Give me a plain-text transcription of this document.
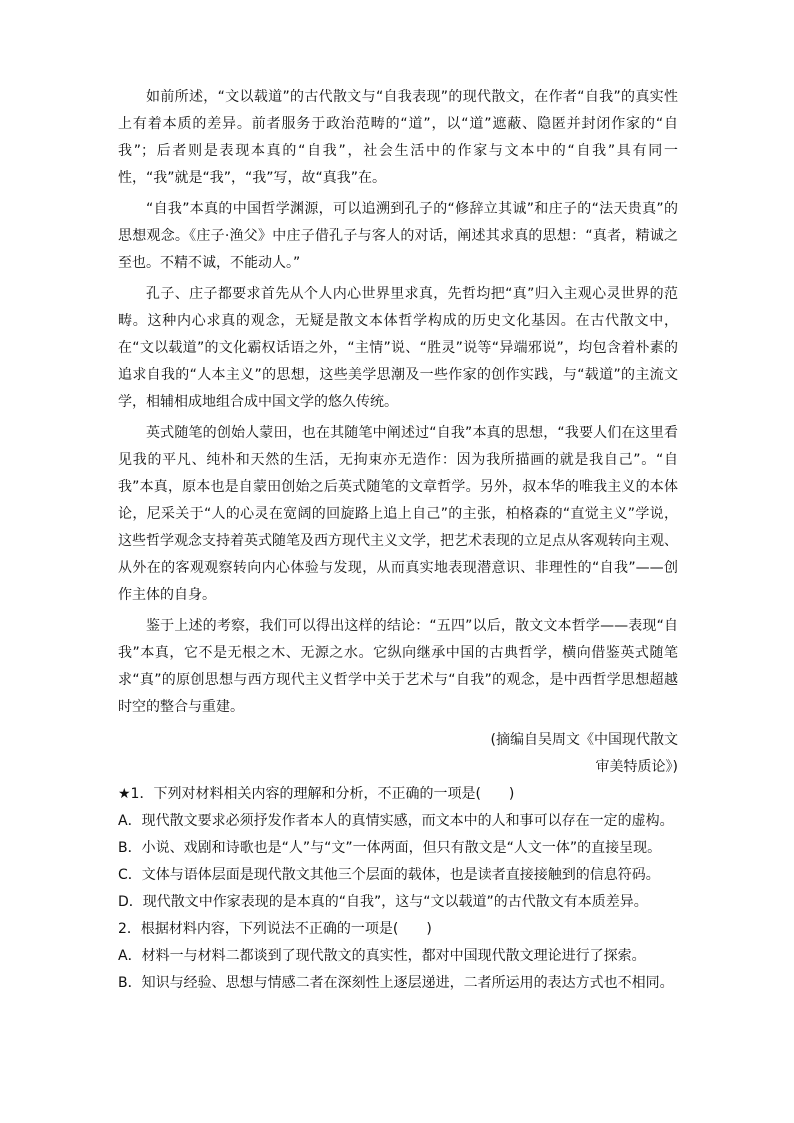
如前所述，“文以载道”的古代散文与“自我表现”的现代散文，在作者“自我”的真实性上有着本质的差异。前者服务于政治范畴的“道”，以“道”遮蔽、隐匿并封闭作家的“自我”；后者则是表现本真的“自我”，社会生活中的作家与文本中的“自我”具有同一性，“我”就是“我”，“我”写，故“真我”在。

“自我”本真的中国哲学渊源，可以追溯到孔子的“修辞立其诚”和庄子的“法天贵真”的思想观念。《庄子·渔父》中庄子借孔子与客人的对话，阐述其求真的思想：“真者，精诚之至也。不精不诚，不能动人。”

孔子、庄子都要求首先从个人内心世界里求真，先哲均把“真”归入主观心灵世界的范畴。这种内心求真的观念，无疑是散文本体哲学构成的历史文化基因。在古代散文中，在“文以载道”的文化霸权话语之外，“主情”说、“胜灵”说等“异端邪说”，均包含着朴素的追求自我的“人本主义”的思想，这些美学思潮及一些作家的创作实践，与“载道”的主流文学，相辅相成地组合成中国文学的悠久传统。

英式随笔的创始人蒙田，也在其随笔中阐述过“自我”本真的思想，“我要人们在这里看见我的平凡、纯朴和天然的生活，无拘束亦无造作：因为我所描画的就是我自己”。“自我”本真，原本也是自蒙田创始之后英式随笔的文章哲学。另外，叔本华的唯我主义的本体论，尼采关于“人的心灵在宽阔的回旋路上追上自己”的主张，柏格森的“直觉主义”学说，这些哲学观念支持着英式随笔及西方现代主义文学，把艺术表现的立足点从客观转向主观、从外在的客观观察转向内心体验与发现，从而真实地表现潜意识、非理性的“自我”——创作主体的自身。

鉴于上述的考察，我们可以得出这样的结论：“五四”以后，散文文本哲学——表现“自我”本真，它不是无根之木、无源之水。它纵向继承中国的古典哲学，横向借鉴英式随笔求“真”的原创思想与西方现代主义哲学中关于艺术与“自我”的观念，是中西哲学思想超越时空的整合与重建。

(摘编自吴周文《中国现代散文
审美特质论》)

★1．下列对材料相关内容的理解和分析，不正确的一项是(　　)

A．现代散文要求必须抒发作者本人的真情实感，而文本中的人和事可以存在一定的虚构。

B．小说、戏剧和诗歌也是“人”与“文”一体两面，但只有散文是“人文一体”的直接呈现。

C．文体与语体层面是现代散文其他三个层面的载体，也是读者直接接触到的信息符码。

D．现代散文中作家表现的是本真的“自我”，这与“文以载道”的古代散文有本质差异。

2．根据材料内容，下列说法不正确的一项是(　　)

A．材料一与材料二都谈到了现代散文的真实性，都对中国现代散文理论进行了探索。

B．知识与经验、思想与情感二者在深刻性上逐层递进，二者所运用的表达方式也不相同。
